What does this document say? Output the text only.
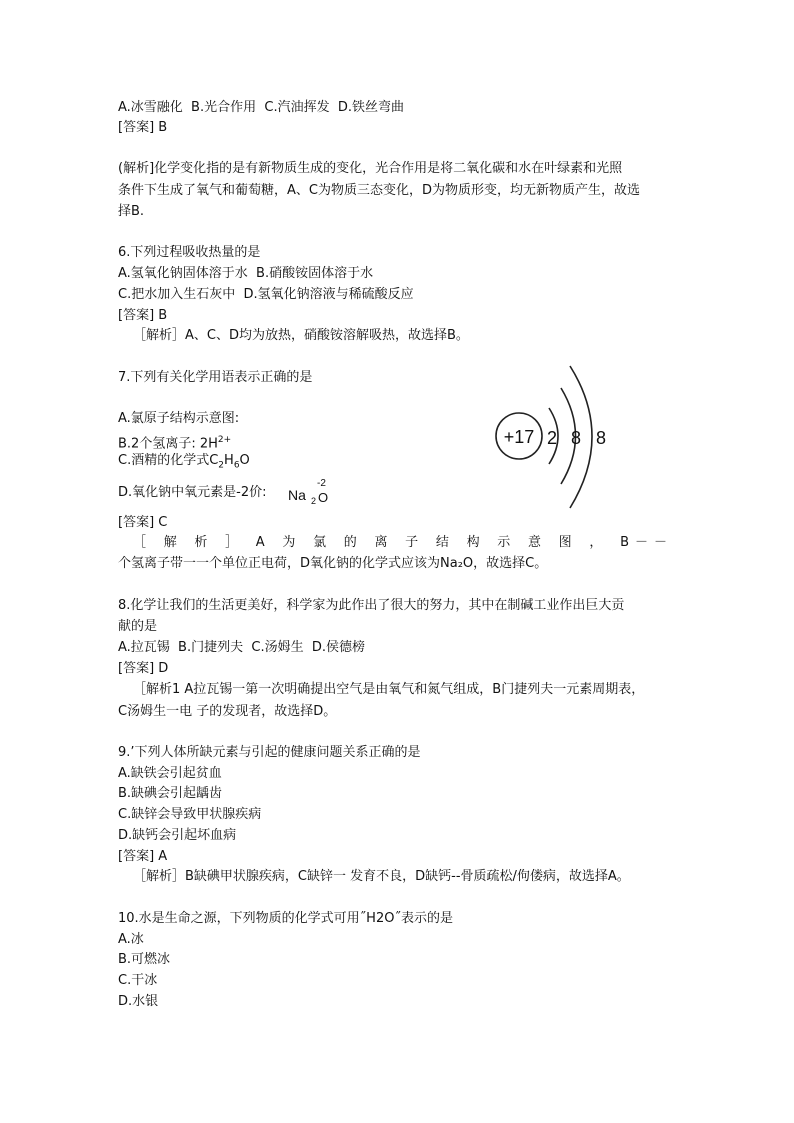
A.冰雪融化  B.光合作用  C.汽油挥发  D.铁丝弯曲
[答案] B
(解析]化学变化指的是有新物质生成的变化，光合作用是将二氧化碳和水在叶绿素和光照
条件下生成了氧气和葡萄糖，A、C为物质三态变化，D为物质形变，均无新物质产生，故选
择B.
6.下列过程吸收热量的是
A.氢氧化钠固体溶于水  B.硝酸铵固体溶于水
C.把水加入生石灰中  D.氢氧化钠溶液与稀硫酸反应
[答案] B
［解析］A、C、D均为放热，硝酸铵溶解吸热，故选择B。
7.下列有关化学用语表示正确的是
A.氯原子结构示意图:
B.2个氢离子: $2H^{2+}$
C.酒精的化学式$C_2H_6O$
D.氧化钠中氧元素是-2价: Na 2
-2
O
+17 2 8 8
[答案] C
［解析］A为氯的离子结构示意图，B－－
个氢离子带一一个单位正电荷，D氧化钠的化学式应该为Na₂O，故选择C。
8.化学让我们的生活更美好，科学家为此作出了很大的努力，其中在制碱工业作出巨大贡
献的是
A.拉瓦锡  B.门捷列夫  C.汤姆生  D.侯德榜
[答案] D
［解析1 A拉瓦锡一第一次明确提出空气是由氧气和氮气组成，B门捷列夫一元素周期表，
C汤姆生一电 子的发现者，故选择D。
9.’下列人体所缺元素与引起的健康问题关系正确的是
A.缺铁会引起贫血
B.缺碘会引起龋齿
C.缺锌会导致甲状腺疾病
D.缺钙会引起坏血病
[答案] A
［解析］B缺碘甲状腺疾病，C缺锌一 发育不良，D缺钙--骨质疏松/佝偻病，故选择A。
10.水是生命之源，下列物质的化学式可用˝H2O˝表示的是
A.冰
B.可燃冰
C.干冰
D.水银
